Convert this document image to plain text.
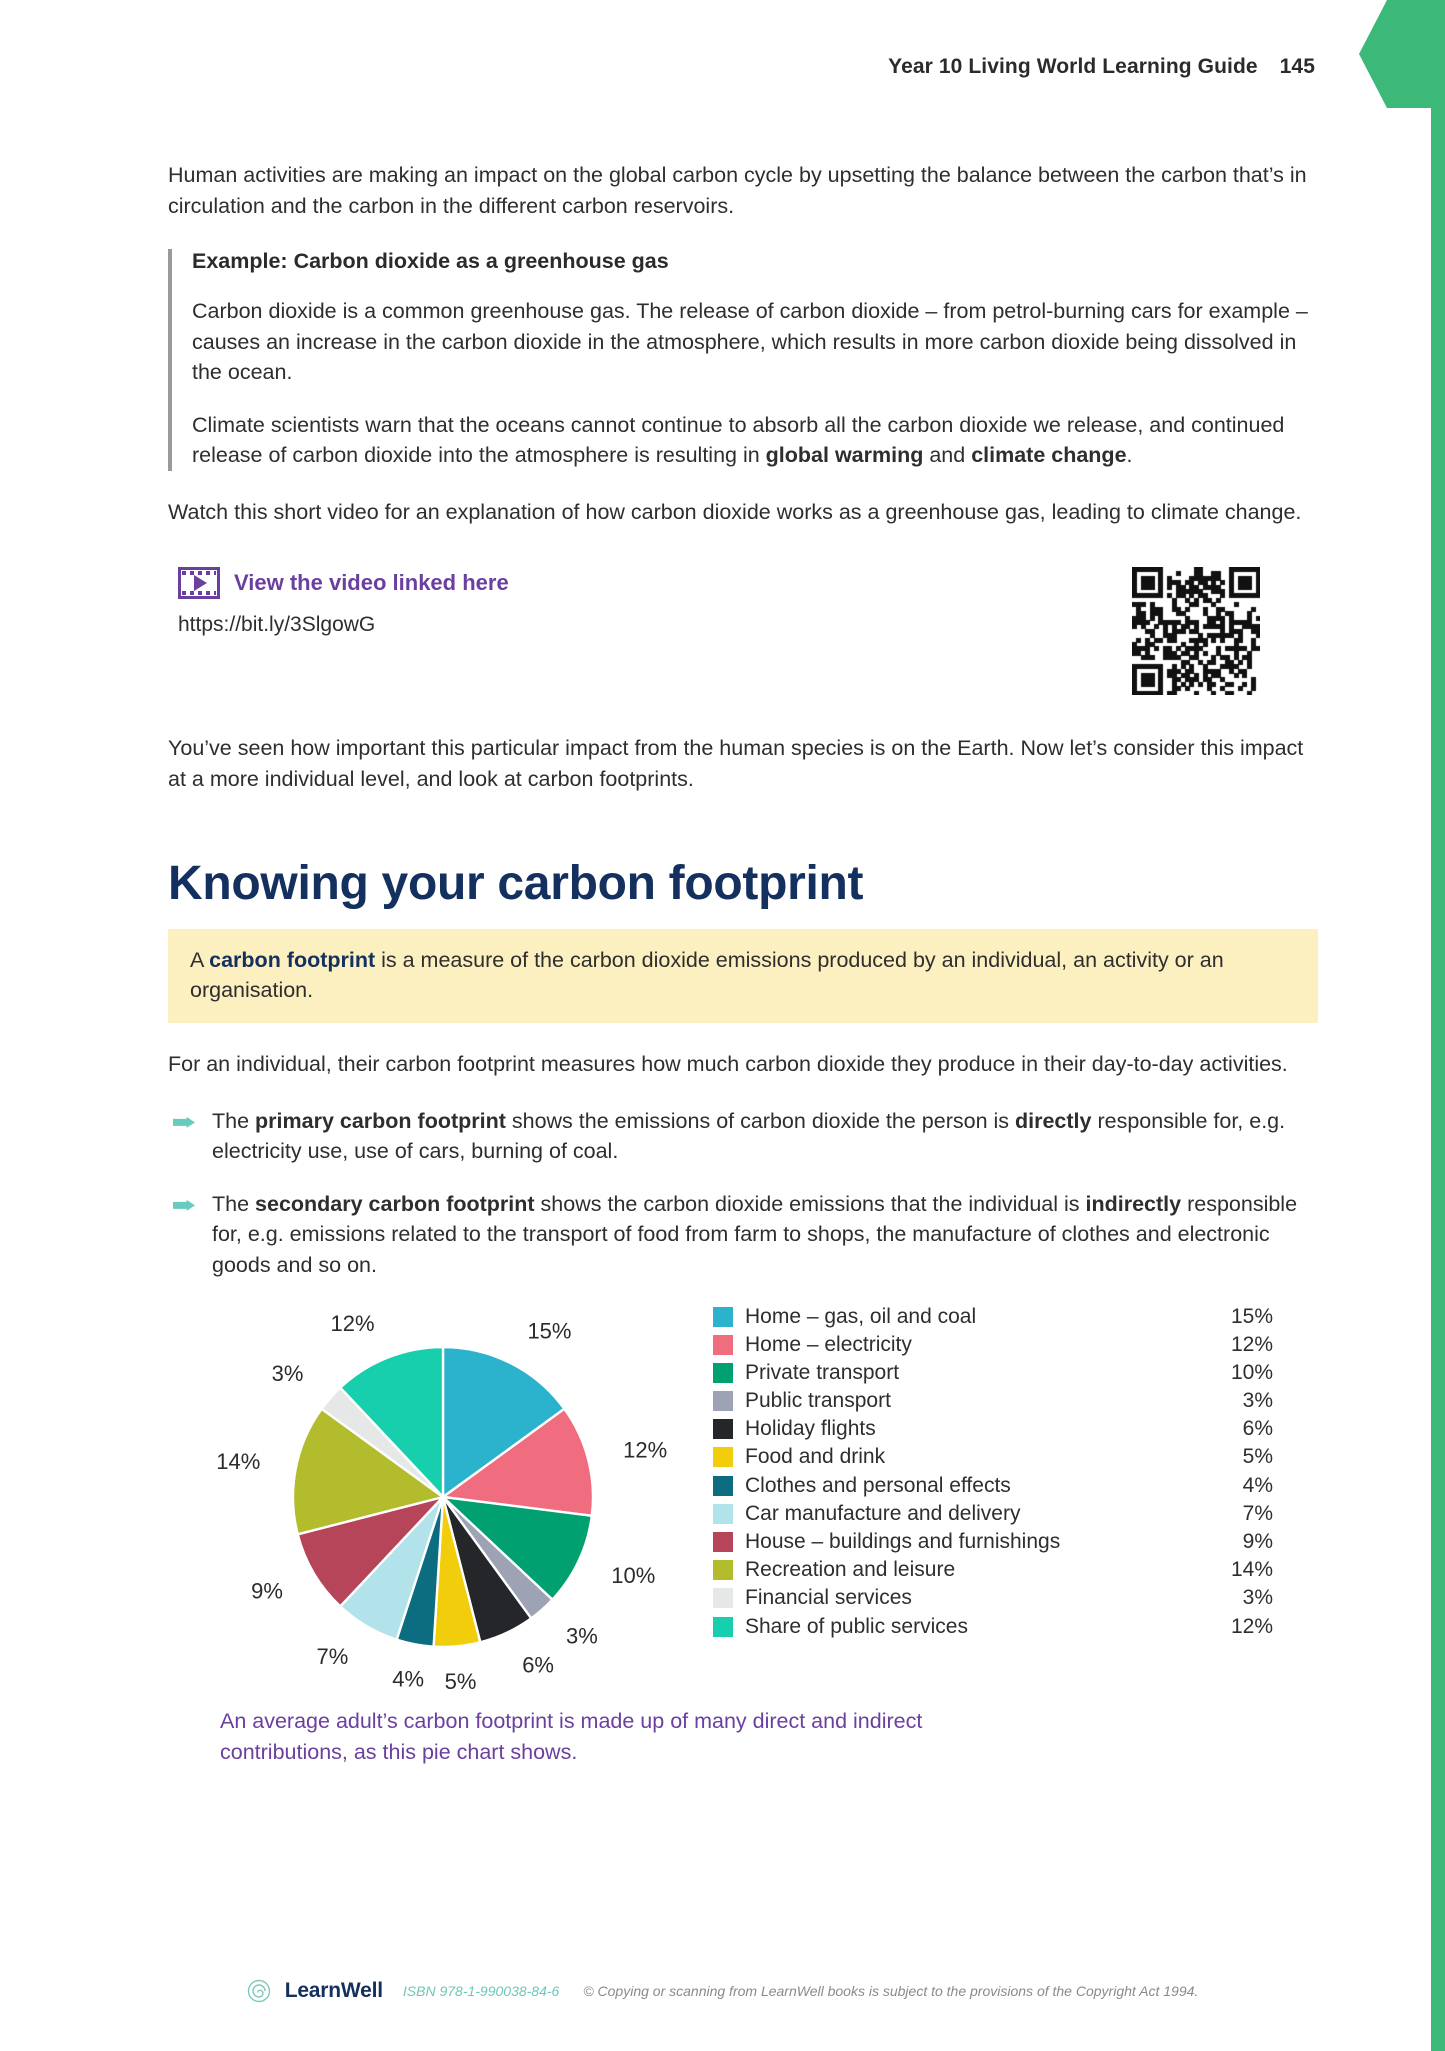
Year 10 Living World Learning Guide 145

Human activities are making an impact on the global carbon cycle by upsetting the balance between the carbon that’s in circulation and the carbon in the different carbon reservoirs.

Example: Carbon dioxide as a greenhouse gas

Carbon dioxide is a common greenhouse gas. The release of carbon dioxide – from petrol-burning cars for example – causes an increase in the carbon dioxide in the atmosphere, which results in more carbon dioxide being dissolved in the ocean.

Climate scientists warn that the oceans cannot continue to absorb all the carbon dioxide we release, and continued release of carbon dioxide into the atmosphere is resulting in global warming and climate change.

Watch this short video for an explanation of how carbon dioxide works as a greenhouse gas, leading to climate change.

View the video linked here
https://bit.ly/3SlgowG

You’ve seen how important this particular impact from the human species is on the Earth. Now let’s consider this impact at a more individual level, and look at carbon footprints.

Knowing your carbon footprint
A carbon footprint is a measure of the carbon dioxide emissions produced by an individual, an activity or an organisation.

For an individual, their carbon footprint measures how much carbon dioxide they produce in their day-to-day activities.

The primary carbon footprint shows the emissions of carbon dioxide the person is directly responsible for, e.g. electricity use, use of cars, burning of coal.
The secondary carbon footprint shows the carbon dioxide emissions that the individual is indirectly responsible for, e.g. emissions related to the transport of food from farm to shops, the manufacture of clothes and electronic goods and so on.
15%
12%
10%
3%
6%
5%
4%
7%
9%
14%
3%
12%	Home – gas, oil and coal	15%
Home – electricity	12%
Private transport	10%
Public transport	3%
Holiday flights	6%
Food and drink	5%
Clothes and personal effects	4%
Car manufacture and delivery	7%
House – buildings and furnishings	9%
Recreation and leisure	14%
Financial services	3%
Share of public services	12%

An average adult’s carbon footprint is made up of many direct and indirect contributions, as this pie chart shows.

LearnWell ISBN 978-1-990038-84-6 © Copying or scanning from LearnWell books is subject to the provisions of the Copyright Act 1994.
